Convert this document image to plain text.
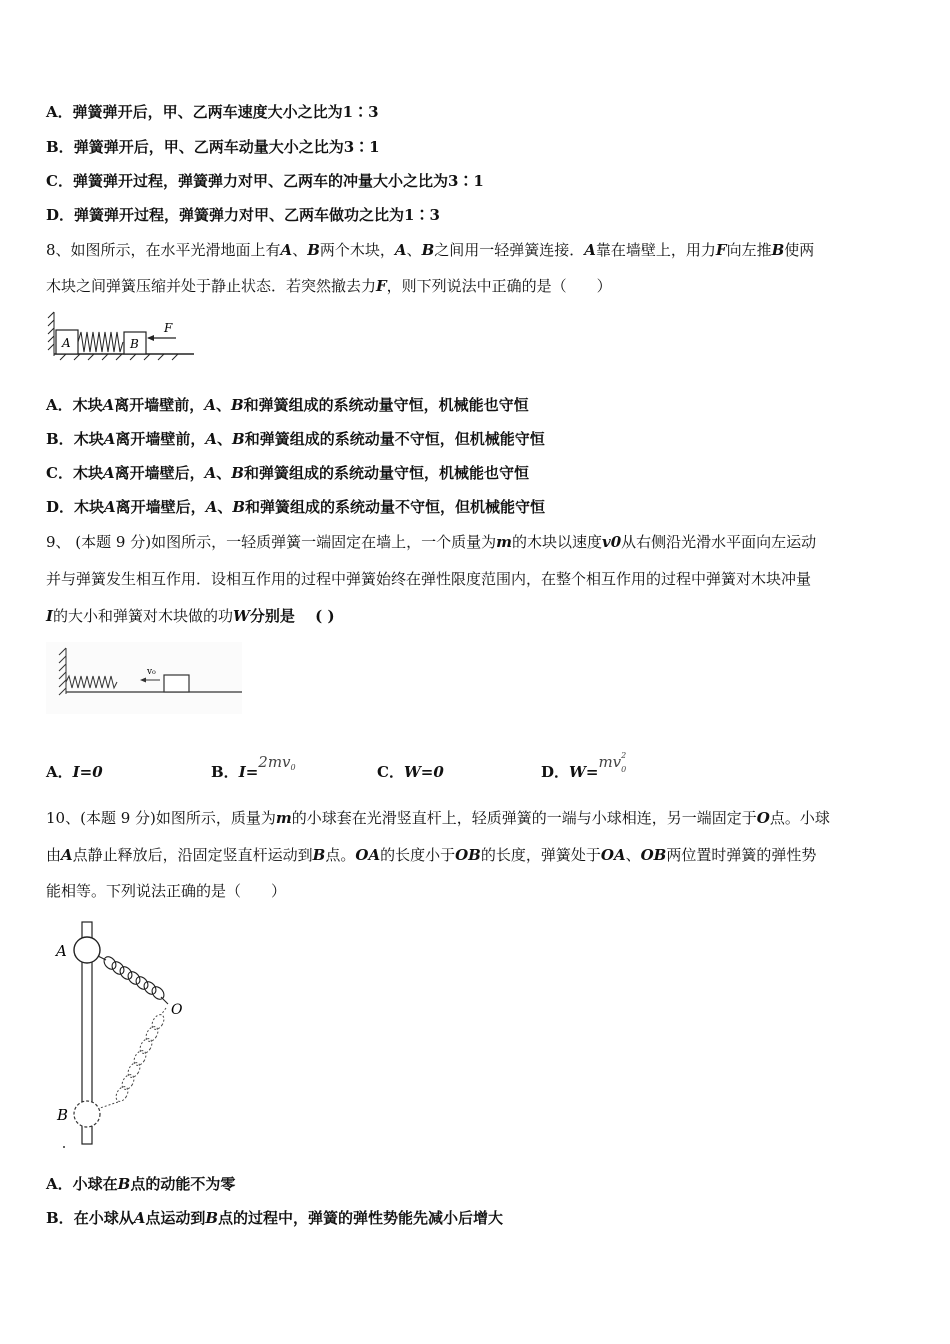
A．弹簧弹开后，甲、乙两车速度大小之比为1∶3
B．弹簧弹开后，甲、乙两车动量大小之比为3∶1
C．弹簧弹开过程，弹簧弹力对甲、乙两车的冲量大小之比为3∶1
D．弹簧弹开过程，弹簧弹力对甲、乙两车做功之比为1∶3
8、如图所示，在水平光滑地面上有A、B两个木块，A、B之间用一轻弹簧连接．A靠在墙壁上，用力F向左推B使两
木块之间弹簧压缩并处于静止状态．若突然撤去力F，则下列说法中正确的是（　　）
A	B
F
A．木块A离开墙壁前，A、B和弹簧组成的系统动量守恒，机械能也守恒
B．木块A离开墙壁前，A、B和弹簧组成的系统动量不守恒，但机械能守恒
C．木块A离开墙壁后，A、B和弹簧组成的系统动量守恒，机械能也守恒
D．木块A离开墙壁后，A、B和弹簧组成的系统动量不守恒，但机械能守恒
9、 (本题 9 分)如图所示，一轻质弹簧一端固定在墙上，一个质量为m的木块以速度v0从右侧沿光滑水平面向左运动
并与弹簧发生相互作用．设相互作用的过程中弹簧始终在弹性限度范围内，在整个相互作用的过程中弹簧对木块冲量
I的大小和弹簧对木块做的功W分别是 　( )
v₀
A．I=0	B．$I=2mv_0$	C．W=0	D．W=mv 2
0
10、(本题 9 分)如图所示，质量为m的小球套在光滑竖直杆上，轻质弹簧的一端与小球相连，另一端固定于O点。小球
由A点静止释放后，沿固定竖直杆运动到B点。OA的长度小于OB的长度，弹簧处于OA、OB两位置时弹簧的弹性势
能相等。下列说法正确的是（　　）
A
O
B
A．小球在B点的动能不为零
B．在小球从A点运动到B点的过程中，弹簧的弹性势能先减小后增大
